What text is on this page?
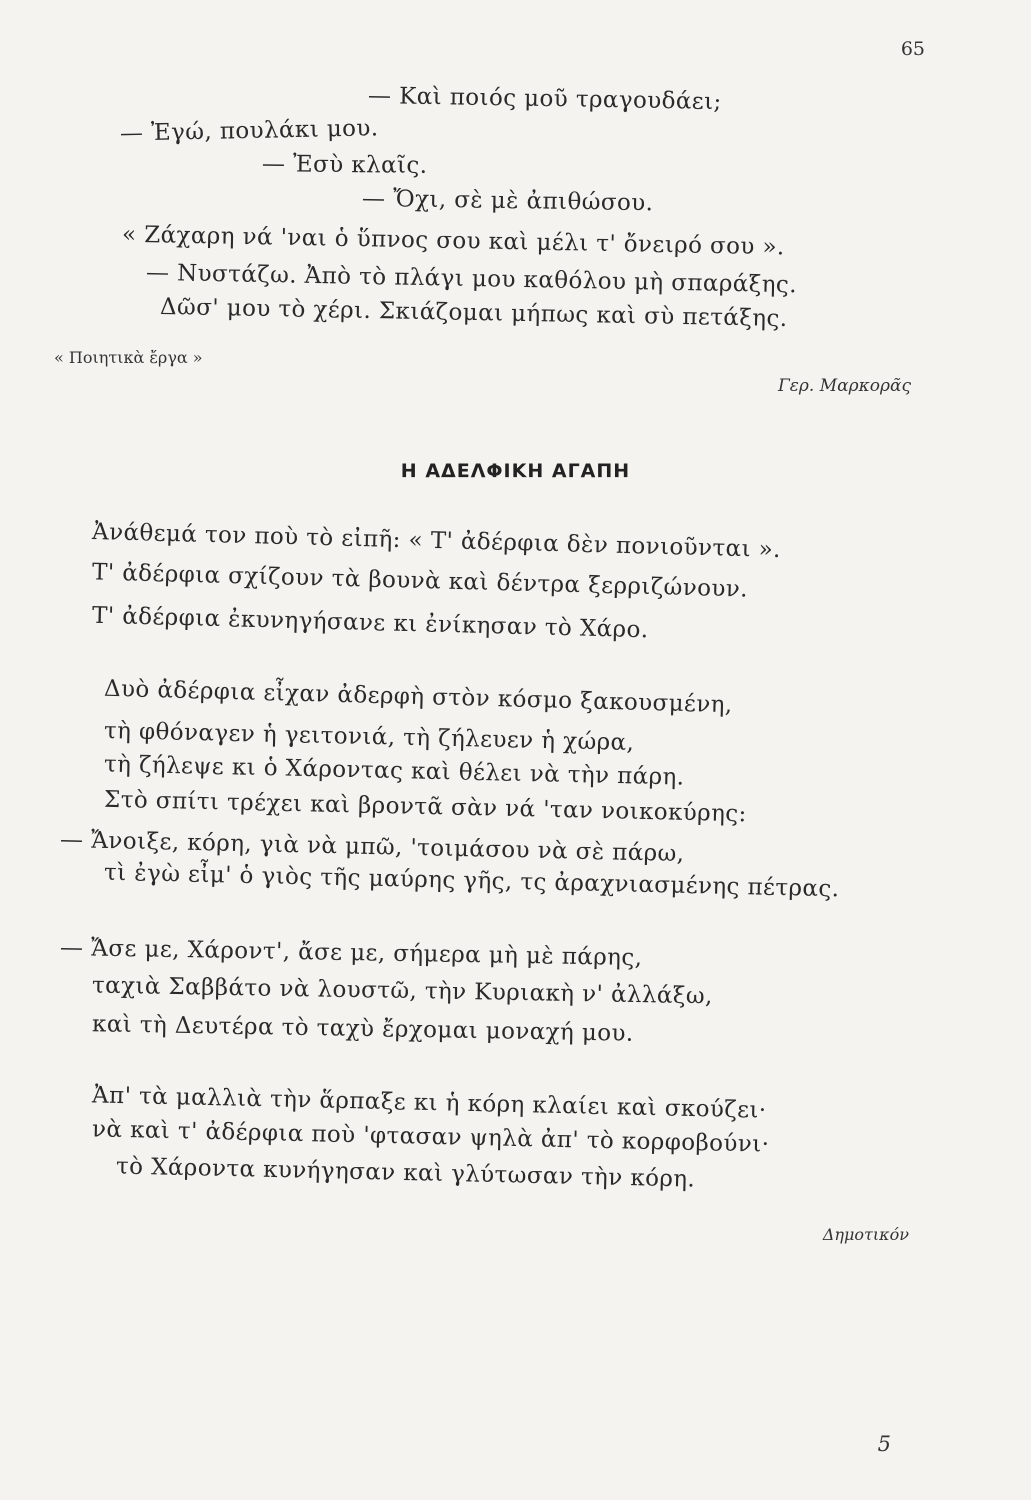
65
— Καὶ ποιός μοῦ τραγουδάει;
— Ἐγώ, πουλάκι μου.
— Ἐσὺ κλαῖς.
— Ὄχι, σὲ μὲ ἀπιθώσου.
« Ζάχαρη νά 'ναι ὁ ὕπνος σου καὶ μέλι τ' ὄνειρό σου ».
— Νυστάζω. Ἀπὸ τὸ πλάγι μου καθόλου μὴ σπαράξης.
Δῶσ' μου τὸ χέρι. Σκιάζομαι μήπως καὶ σὺ πετάξης.
« Ποιητικὰ ἔργα »
Γερ. Μαρκορᾶς
Η ΑΔΕΛΦΙΚΗ ΑΓΑΠΗ
Ἀνάθεμά τον ποὺ τὸ εἰπῆ: « Τ' ἀδέρφια δὲν πονιοῦνται ».
Τ' ἀδέρφια σχίζουν τὰ βουνὰ καὶ δέντρα ξερριζώνουν.
Τ' ἀδέρφια ἐκυνηγήσανε κι ἐνίκησαν τὸ Χάρο.
Δυὸ ἀδέρφια εἶχαν ἀδερφὴ στὸν κόσμο ξακουσμένη,
τὴ φθόναγεν ἡ γειτονιά, τὴ ζήλευεν ἡ χώρα,
τὴ ζήλεψε κι ὁ Χάροντας καὶ θέλει νὰ τὴν πάρη.
Στὸ σπίτι τρέχει καὶ βροντᾶ σὰν νά 'ταν νοικοκύρης:
— Ἄνοιξε, κόρη, γιὰ νὰ μπῶ, 'τοιμάσου νὰ σὲ πάρω,
τὶ ἐγὼ εἶμ' ὁ γιὸς τῆς μαύρης γῆς, τς ἀραχνιασμένης πέτρας.
— Ἄσε με, Χάροντ', ἄσε με, σήμερα μὴ μὲ πάρης,
ταχιὰ Σαββάτο νὰ λουστῶ, τὴν Κυριακὴ ν' ἀλλάξω,
καὶ τὴ Δευτέρα τὸ ταχὺ ἔρχομαι μοναχή μου.
Ἀπ' τὰ μαλλιὰ τὴν ἅρπαξε κι ἡ κόρη κλαίει καὶ σκούζει·
νὰ καὶ τ' ἀδέρφια ποὺ 'φτασαν ψηλὰ ἀπ' τὸ κορφοβούνι·
τὸ Χάροντα κυνήγησαν καὶ γλύτωσαν τὴν κόρη.
Δημοτικόν
5
